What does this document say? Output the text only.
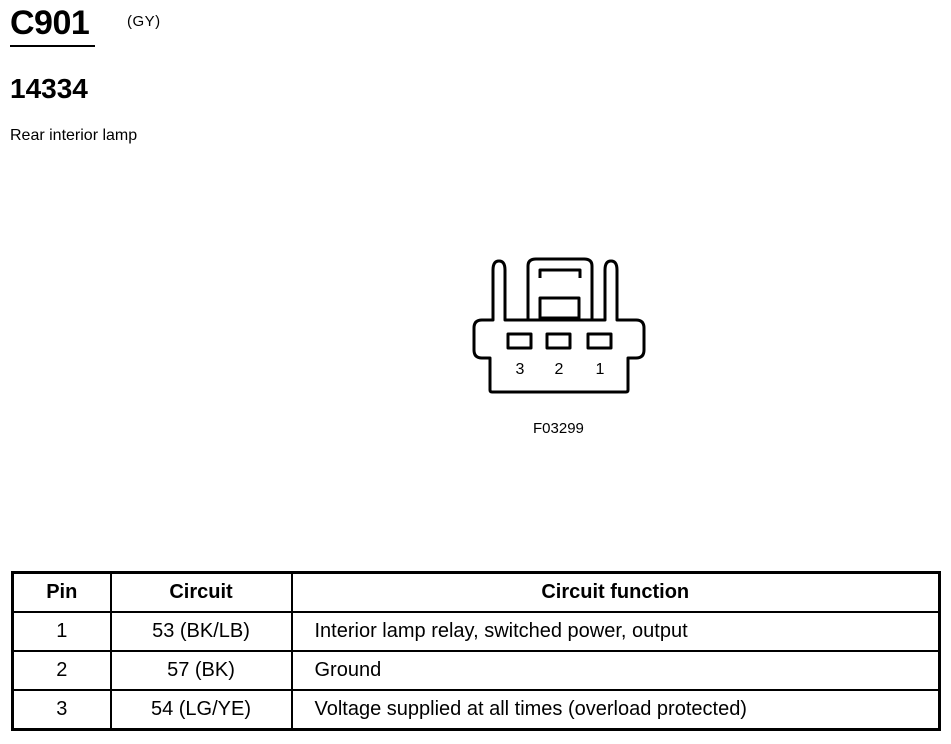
C901	(GY)
14334
Rear interior lamp
3 2 1
F03299
Pin	Circuit	Circuit function
1	53 (BK/LB)	Interior lamp relay, switched power, output
2	57 (BK)	Ground
3	54 (LG/YE)	Voltage supplied at all times (overload protected)
